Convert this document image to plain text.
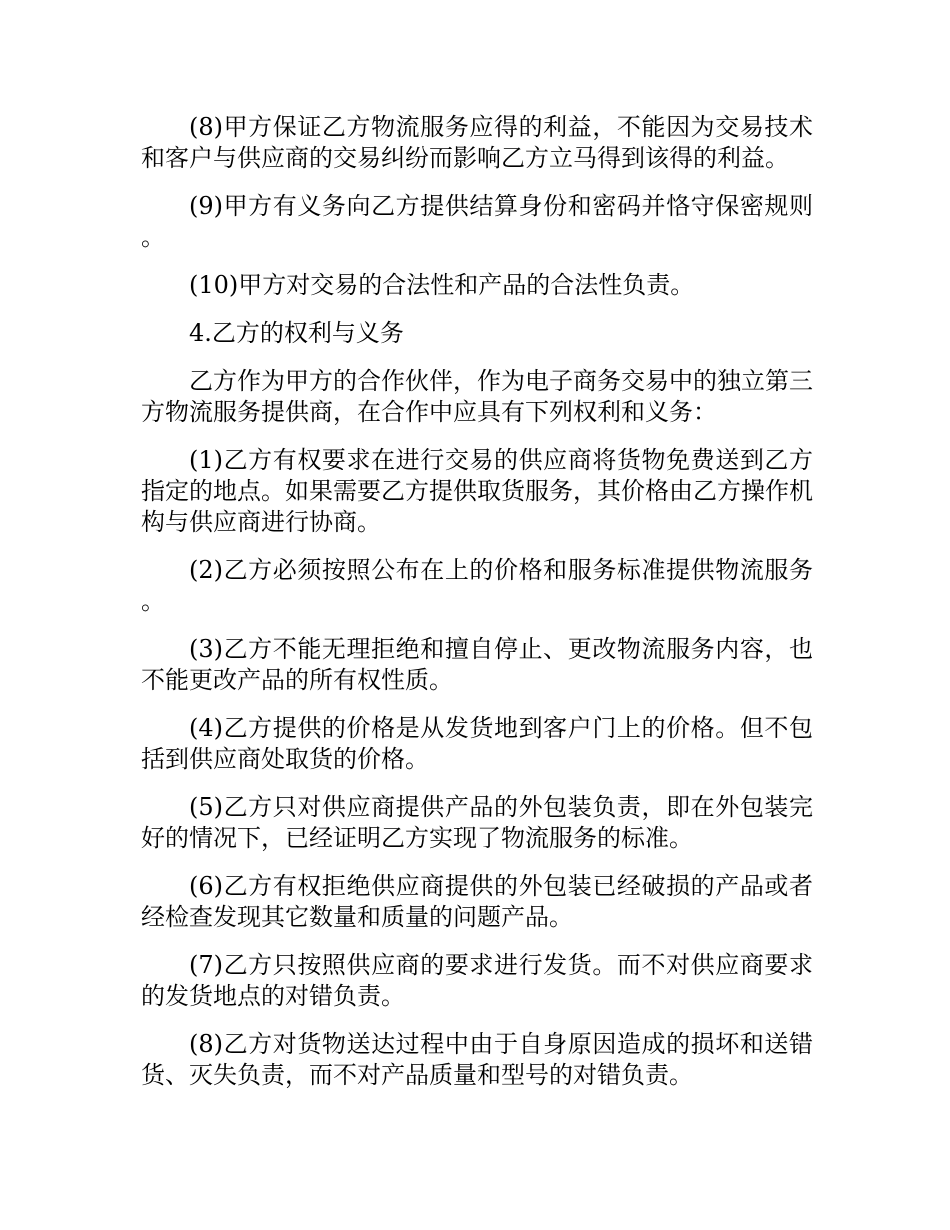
(8)甲方保证乙方物流服务应得的利益，不能因为交易技术和客户与供应商的交易纠纷而影响乙方立马得到该得的利益。

(9)甲方有义务向乙方提供结算身份和密码并恪守保密规则。

(10)甲方对交易的合法性和产品的合法性负责。

4.乙方的权利与义务

乙方作为甲方的合作伙伴，作为电子商务交易中的独立第三方物流服务提供商，在合作中应具有下列权利和义务：

(1)乙方有权要求在进行交易的供应商将货物免费送到乙方指定的地点。如果需要乙方提供取货服务，其价格由乙方操作机构与供应商进行协商。

(2)乙方必须按照公布在上的价格和服务标准提供物流服务。

(3)乙方不能无理拒绝和擅自停止、更改物流服务内容，也不能更改产品的所有权性质。

(4)乙方提供的价格是从发货地到客户门上的价格。但不包括到供应商处取货的价格。

(5)乙方只对供应商提供产品的外包装负责，即在外包装完好的情况下，已经证明乙方实现了物流服务的标准。

(6)乙方有权拒绝供应商提供的外包装已经破损的产品或者经检查发现其它数量和质量的问题产品。

(7)乙方只按照供应商的要求进行发货。而不对供应商要求的发货地点的对错负责。

(8)乙方对货物送达过程中由于自身原因造成的损坏和送错货、灭失负责，而不对产品质量和型号的对错负责。
